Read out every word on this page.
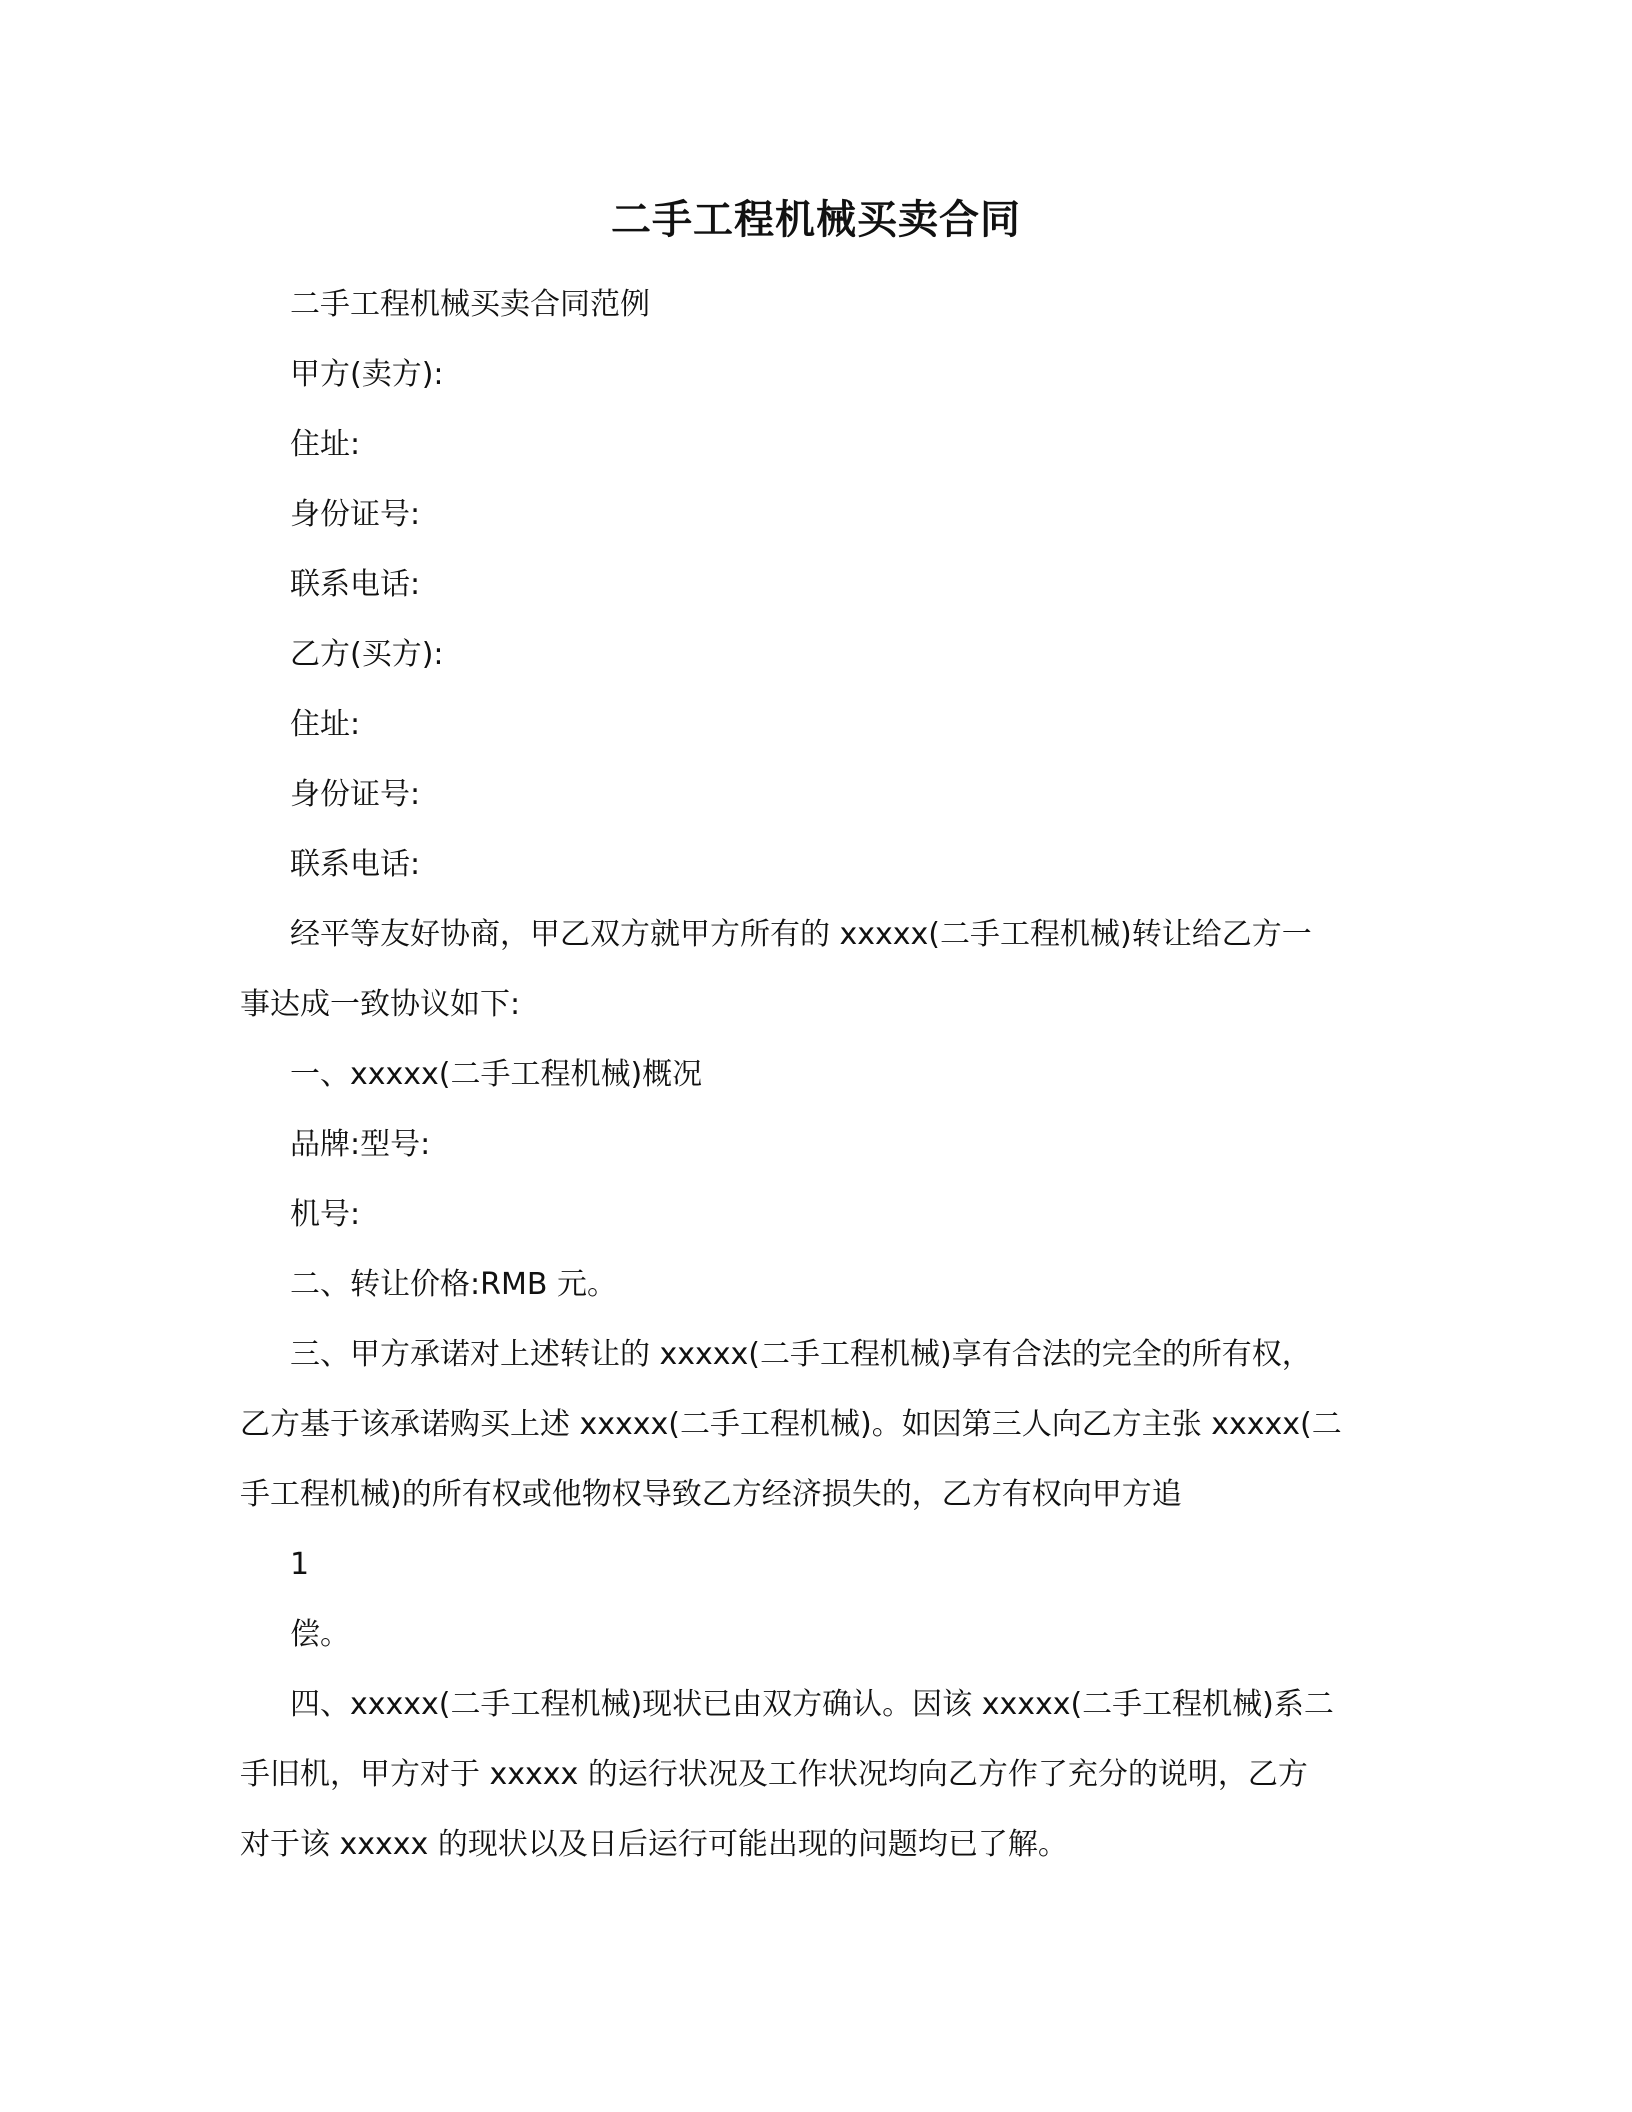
二手工程机械买卖合同

二手工程机械买卖合同范例

甲方(卖方):

住址:

身份证号:

联系电话:

乙方(买方):

住址:

身份证号:

联系电话:

经平等友好协商，甲乙双方就甲方所有的 xxxxx(二手工程机械)转让给乙方一

事达成一致协议如下:

一、xxxxx(二手工程机械)概况

品牌:型号:

机号:

二、转让价格:RMB 元。

三、甲方承诺对上述转让的 xxxxx(二手工程机械)享有合法的完全的所有权，

乙方基于该承诺购买上述 xxxxx(二手工程机械)。如因第三人向乙方主张 xxxxx(二

手工程机械)的所有权或他物权导致乙方经济损失的，乙方有权向甲方追

1

偿。

四、xxxxx(二手工程机械)现状已由双方确认。因该 xxxxx(二手工程机械)系二

手旧机，甲方对于 xxxxx 的运行状况及工作状况均向乙方作了充分的说明，乙方

对于该 xxxxx 的现状以及日后运行可能出现的问题均已了解。
